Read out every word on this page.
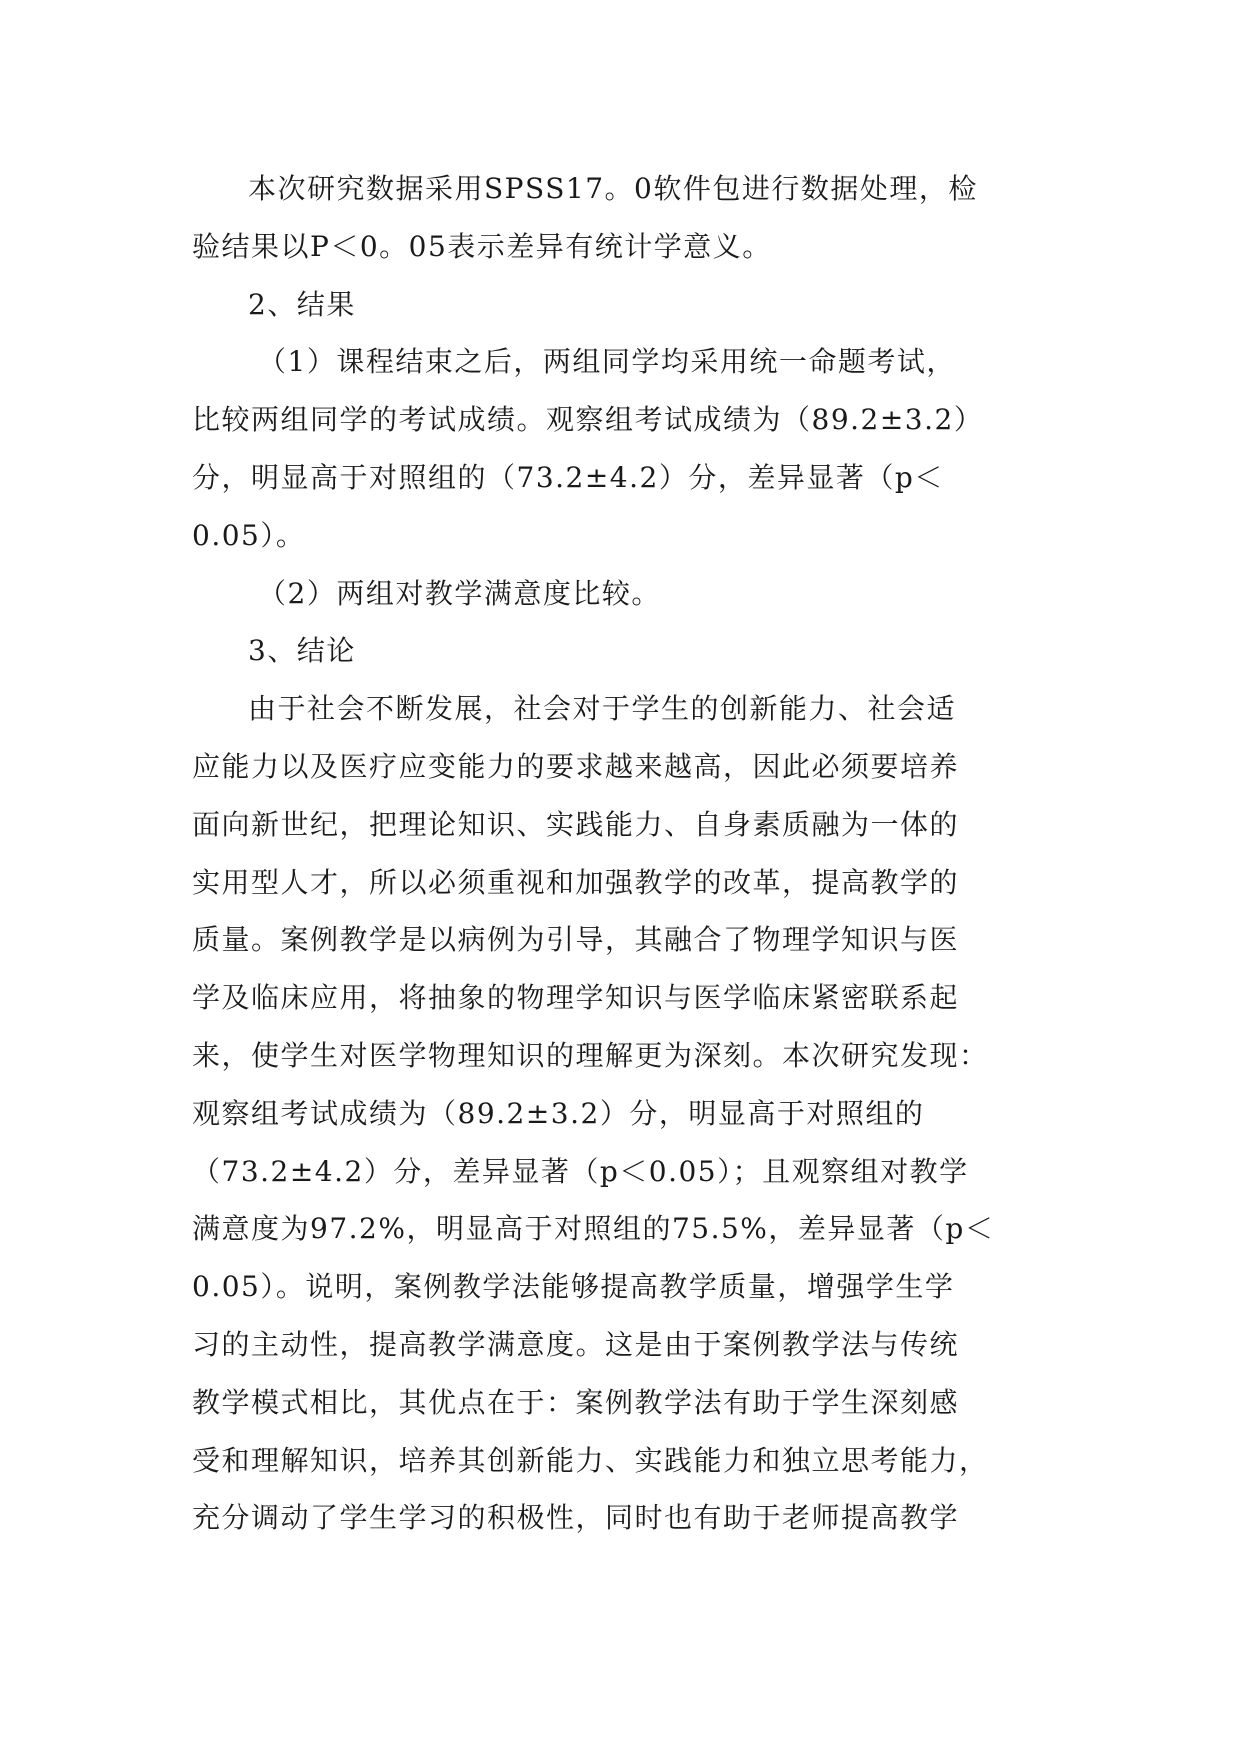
本次研究数据采用SPSS17。0软件包进行数据处理，检
验结果以P＜0。05表示差异有统计学意义。
2、结果
（1）课程结束之后，两组同学均采用统一命题考试，
比较两组同学的考试成绩。观察组考试成绩为（89.2±3.2）
分，明显高于对照组的（73.2±4.2）分，差异显著（p＜
0.05）。
（2）两组对教学满意度比较。
3、结论
由于社会不断发展，社会对于学生的创新能力、社会适
应能力以及医疗应变能力的要求越来越高，因此必须要培养
面向新世纪，把理论知识、实践能力、自身素质融为一体的
实用型人才，所以必须重视和加强教学的改革，提高教学的
质量。案例教学是以病例为引导，其融合了物理学知识与医
学及临床应用，将抽象的物理学知识与医学临床紧密联系起
来，使学生对医学物理知识的理解更为深刻。本次研究发现：
观察组考试成绩为（89.2±3.2）分，明显高于对照组的
（73.2±4.2）分，差异显著（p＜0.05）；且观察组对教学
满意度为97.2%，明显高于对照组的75.5%，差异显著（p＜
0.05）。说明，案例教学法能够提高教学质量，增强学生学
习的主动性，提高教学满意度。这是由于案例教学法与传统
教学模式相比，其优点在于：案例教学法有助于学生深刻感
受和理解知识，培养其创新能力、实践能力和独立思考能力，
充分调动了学生学习的积极性，同时也有助于老师提高教学
